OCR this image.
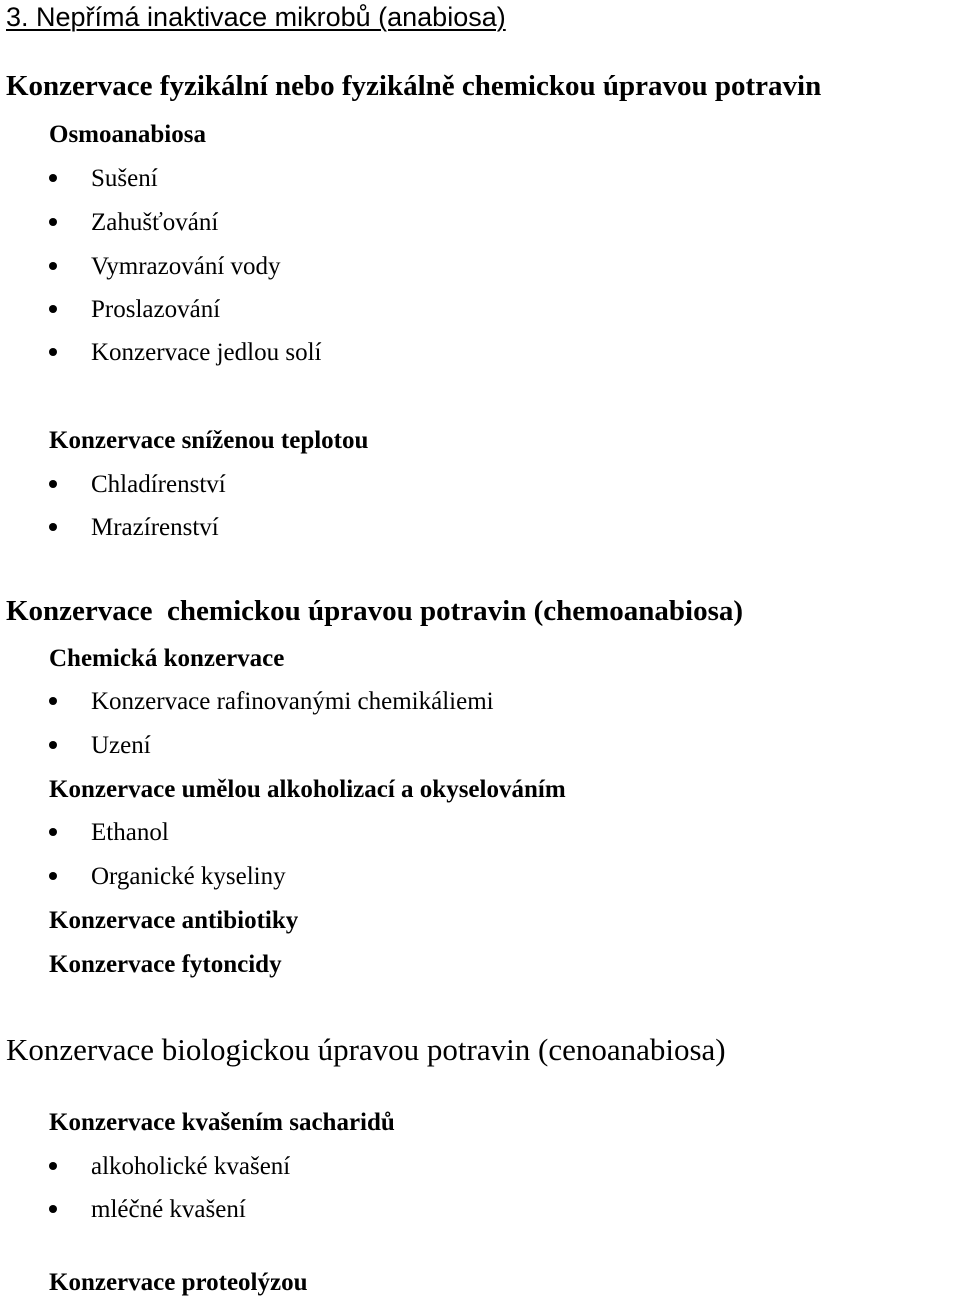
3. Nepřímá inaktivace mikrobů (anabiosa)
Konzervace fyzikální nebo fyzikálně chemickou úpravou potravin
Osmoanabiosa
Sušení
Zahušťování
Vymrazování vody
Proslazování
Konzervace jedlou solí
Konzervace sníženou teplotou
Chladírenství
Mrazírenství
Konzervace  chemickou úpravou potravin (chemoanabiosa)
Chemická konzervace
Konzervace rafinovanými chemikáliemi
Uzení
Konzervace umělou alkoholizací a okyselováním
Ethanol
Organické kyseliny
Konzervace antibiotiky
Konzervace fytoncidy
Konzervace biologickou úpravou potravin (cenoanabiosa)
Konzervace kvašením sacharidů
alkoholické kvašení
mléčné kvašení
Konzervace proteolýzou
